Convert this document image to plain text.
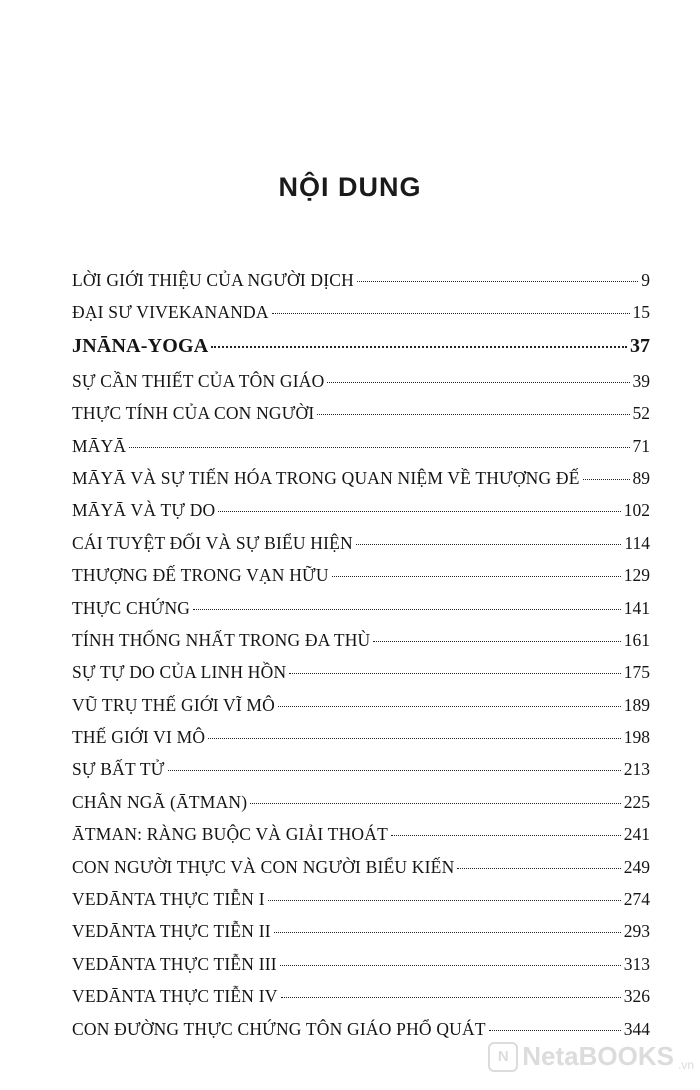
NỘI DUNG
LỜI GIỚI THIỆU CỦA NGƯỜI DỊCH	9
ĐẠI SƯ VIVEKANANDA	15
JNĀNA-YOGA	37
SỰ CẦN THIẾT CỦA TÔN GIÁO	39
THỰC TÍNH CỦA CON NGƯỜI	52
MĀYĀ	71
MĀYĀ VÀ SỰ TIẾN HÓA TRONG QUAN NIỆM VỀ THƯỢNG ĐẾ	89
MĀYĀ VÀ TỰ DO	102
CÁI TUYỆT ĐỐI VÀ SỰ BIỂU HIỆN	114
THƯỢNG ĐẾ TRONG VẠN HỮU	129
THỰC CHỨNG	141
TÍNH THỐNG NHẤT TRONG ĐA THÙ	161
SỰ TỰ DO CỦA LINH HỒN	175
VŨ TRỤ THẾ GIỚI VĨ MÔ	189
THẾ GIỚI VI MÔ	198
SỰ BẤT TỬ	213
CHÂN NGÃ (ĀTMAN)	225
ĀTMAN: RÀNG BUỘC VÀ GIẢI THOÁT	241
CON NGƯỜI THỰC VÀ CON NGƯỜI BIỂU KIẾN	249
VEDĀNTA THỰC TIỄN I	274
VEDĀNTA THỰC TIỄN II	293
VEDĀNTA THỰC TIỄN III	313
VEDĀNTA THỰC TIỄN IV	326
CON ĐƯỜNG THỰC CHỨNG TÔN GIÁO PHỔ QUÁT	344
N NetaBOOKS .vn
